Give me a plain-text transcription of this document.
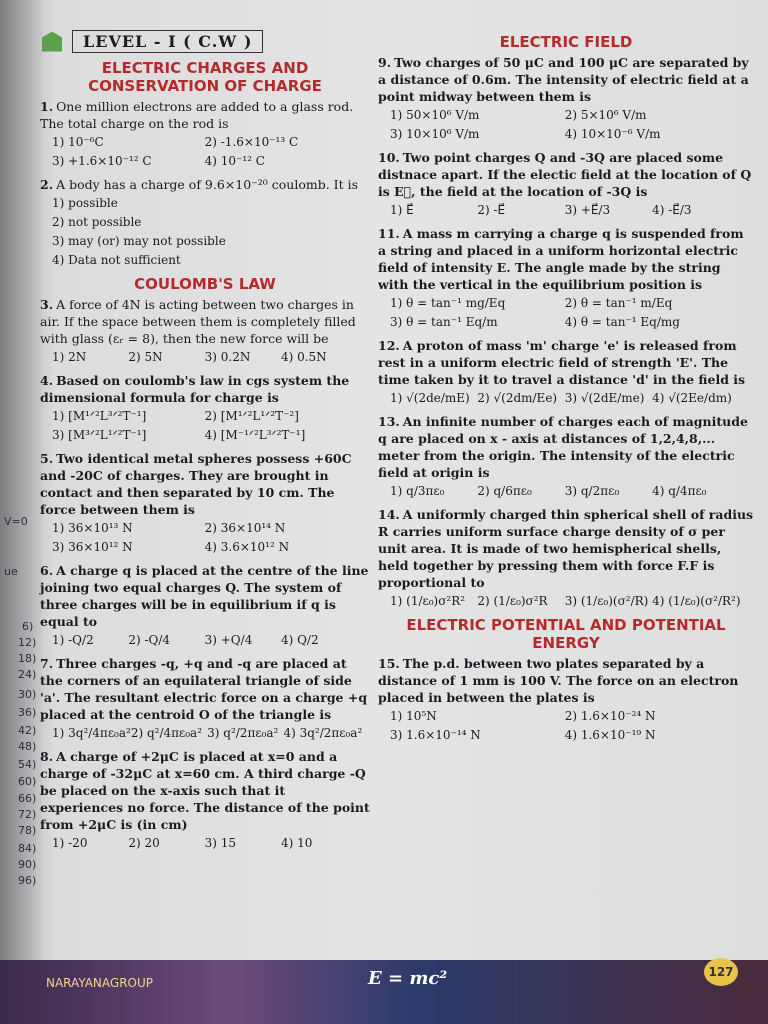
V=0
ue
6)
12)
18)
24)
30)
36)
42)
48)
54)
60)
66)
72)
78)
84)
90)
96)
LEVEL - I ( C.W )
ELECTRIC CHARGES AND CONSERVATION OF CHARGE
1. One million electrons are added to a glass rod. The total charge on the rod is
1) 10⁻⁶C	2) -1.6×10⁻¹³ C
3) +1.6×10⁻¹² C	4) 10⁻¹² C
2. A body has a charge of 9.6×10⁻²⁰ coulomb. It is
1) possible
2) not possible
3) may (or) may not possible
4) Data not sufficient
COULOMB'S LAW
3. A force of 4N is acting between two charges in air. If the space between them is completely filled with glass (εᵣ = 8), then the new force will be
1) 2N	2) 5N	3) 0.2N	4) 0.5N
4. Based on coulomb's law in cgs system the dimensional formula for charge is
1) [M¹ᐟ²L³ᐟ²T⁻¹]	2) [M¹ᐟ²L¹ᐟ²T⁻²]
3) [M³ᐟ²L¹ᐟ²T⁻¹]	4) [M⁻¹ᐟ²L³ᐟ²T⁻¹]
5. Two identical metal spheres possess +60C and -20C of charges. They are brought in contact and then separated by 10 cm. The force between them is
1) 36×10¹³ N	2) 36×10¹⁴ N
3) 36×10¹² N	4) 3.6×10¹² N
6. A charge q is placed at the centre of the line joining two equal charges Q. The system of three charges will be in equilibrium if q is equal to
1) -Q/2	2) -Q/4	3) +Q/4	4) Q/2
7. Three charges -q, +q and -q are placed at the corners of an equilateral triangle of side 'a'. The resultant electric force on a charge +q placed at the centroid O of the triangle is
1) 3q²/4πε₀a² 2) q²/4πε₀a² 3) q²/2πε₀a² 4) 3q²/2πε₀a²
8. A charge of +2μC is placed at x=0 and a charge of -32μC at x=60 cm. A third charge -Q be placed on the x-axis such that it experiences no force. The distance of the point from +2μC is (in cm)
1) -20	2) 20	3) 15	4) 10
ELECTRIC FIELD
9. Two charges of 50 μC and 100 μC are separated by a distance of 0.6m. The intensity of electric field at a point midway between them is
1) 50×10⁶ V/m	2) 5×10⁶ V/m
3) 10×10⁶ V/m	4) 10×10⁻⁶ V/m
10. Two point charges Q and -3Q are placed some distnace apart. If the electic field at the location of Q is E⃗, the field at the location of -3Q is
1) E⃗	2) -E⃗	3) +E⃗/3	4) -E⃗/3
11. A mass m carrying a charge q is suspended from a string and placed in a uniform horizontal electric field of intensity E. The angle made by the string with the vertical in the equilibrium position is
1) θ = tan⁻¹ mg/Eq	2) θ = tan⁻¹ m/Eq
3) θ = tan⁻¹ Eq/m	4) θ = tan⁻¹ Eq/mg
12. A proton of mass 'm' charge 'e' is released from rest in a uniform electric field of strength 'E'. The time taken by it to travel a distance 'd' in the field is
1) √(2de/mE) 2) √(2dm/Ee) 3) √(2dE/me) 4) √(2Ee/dm)
13. An infinite number of charges each of magnitude q are placed on x - axis at distances of 1,2,4,8,... meter from the origin. The intensity of the electric field at origin is
1) q/3πε₀	2) q/6πε₀	3) q/2πε₀	4) q/4πε₀
14. A uniformly charged thin spherical shell of radius R carries uniform surface charge density of σ per unit area. It is made of two hemispherical shells, held together by pressing them with force F.F is proportional to
1) (1/ε₀)σ²R²	2) (1/ε₀)σ²R	3) (1/ε₀)(σ²/R) 4) (1/ε₀)(σ²/R²)
ELECTRIC POTENTIAL AND POTENTIAL ENERGY
15. The p.d. between two plates separated by a distance of 1 mm is 100 V. The force on an electron placed in between the plates is
1) 10⁵N	2) 1.6×10⁻²⁴ N
3) 1.6×10⁻¹⁴ N	4) 1.6×10⁻¹⁹ N
NARAYANAGROUP	E = mc²	127
